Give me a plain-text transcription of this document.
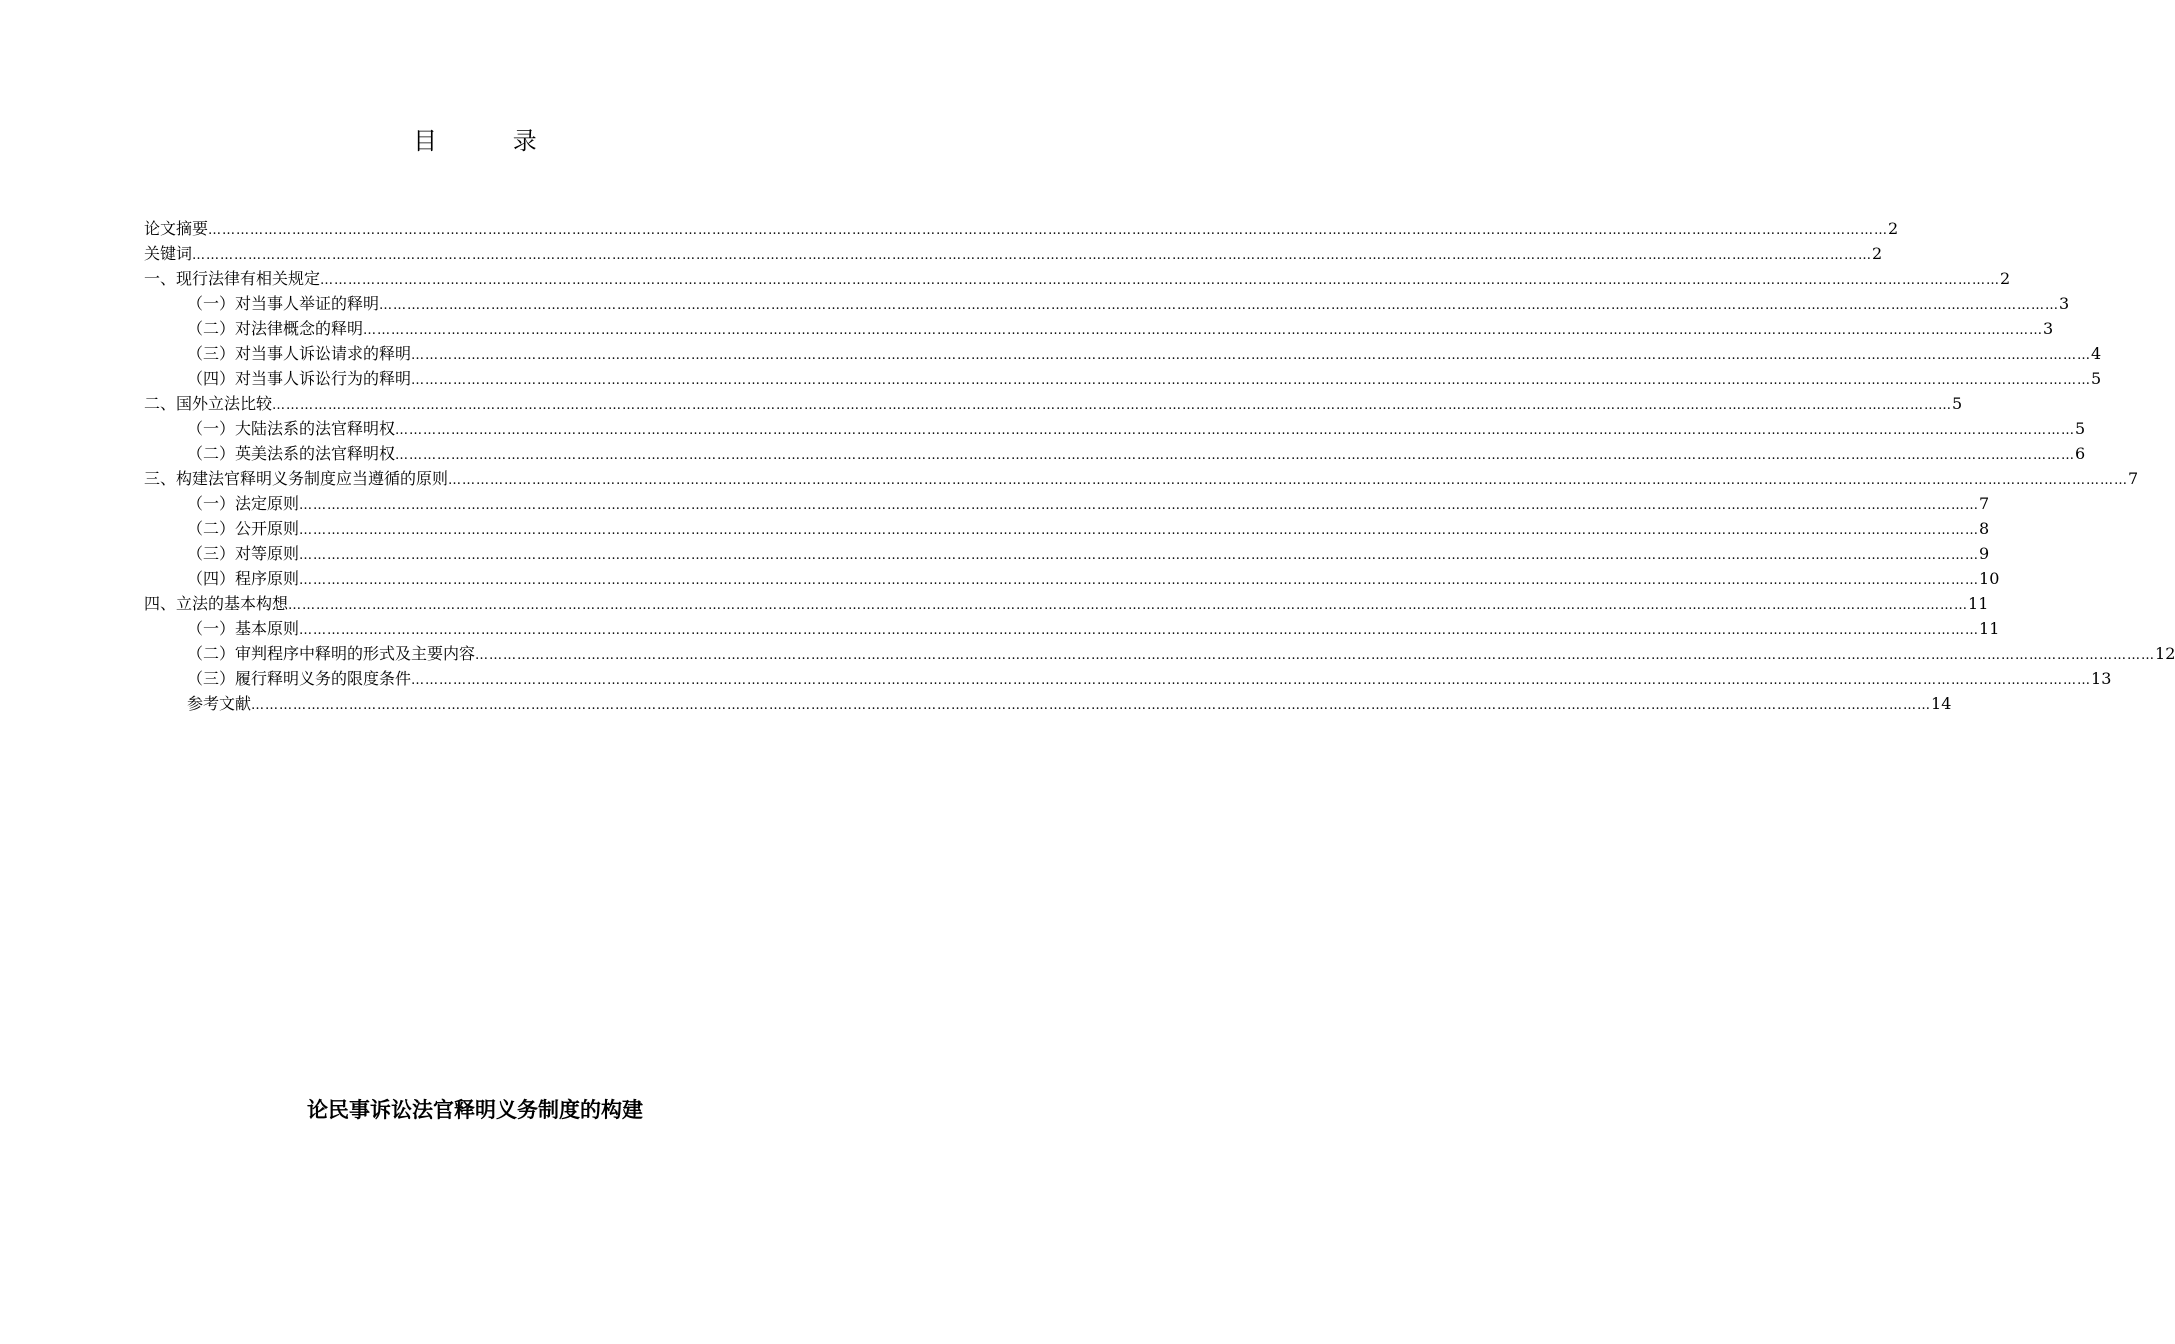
目 录
论文摘要 ……………………………………………………………………………………………………………………………………………………………………………………………………………………………………………………………………………………………………………………………… 2
关键词 ……………………………………………………………………………………………………………………………………………………………………………………………………………………………………………………………………………………………………………………………… 2
一、 现行法律有相关规定 ……………………………………………………………………………………………………………………………………………………………………………………………………………………………………………………………………………………………………………………………… 2
（一）对当事人举证的释明 ……………………………………………………………………………………………………………………………………………………………………………………………………………………………………………………………………………………………………………………………… 3
（二）对法律概念的释明 ……………………………………………………………………………………………………………………………………………………………………………………………………………………………………………………………………………………………………………………………… 3
（三）对当事人诉讼请求的释明 ……………………………………………………………………………………………………………………………………………………………………………………………………………………………………………………………………………………………………………………………… 4
（四）对当事人诉讼行为的释明 ……………………………………………………………………………………………………………………………………………………………………………………………………………………………………………………………………………………………………………………………… 5
二、 国外立法比较 ……………………………………………………………………………………………………………………………………………………………………………………………………………………………………………………………………………………………………………………………… 5
（一）大陆法系的法官释明权 ……………………………………………………………………………………………………………………………………………………………………………………………………………………………………………………………………………………………………………………………… 5
（二）英美法系的法官释明权 ……………………………………………………………………………………………………………………………………………………………………………………………………………………………………………………………………………………………………………………………… 6
三、 构建法官释明义务制度应当遵循的原则 ……………………………………………………………………………………………………………………………………………………………………………………………………………………………………………………………………………………………………………………………… 7
（一）法定原则 ……………………………………………………………………………………………………………………………………………………………………………………………………………………………………………………………………………………………………………………………… 7
（二）公开原则 ……………………………………………………………………………………………………………………………………………………………………………………………………………………………………………………………………………………………………………………………… 8
（三）对等原则 ……………………………………………………………………………………………………………………………………………………………………………………………………………………………………………………………………………………………………………………………… 9
（四）程序原则 ……………………………………………………………………………………………………………………………………………………………………………………………………………………………………………………………………………………………………………………………… 10
四、 立法的基本构想 ……………………………………………………………………………………………………………………………………………………………………………………………………………………………………………………………………………………………………………………………… 11
（一）基本原则 ……………………………………………………………………………………………………………………………………………………………………………………………………………………………………………………………………………………………………………………………… 11
（二）审判程序中释明的形式及主要内容 ……………………………………………………………………………………………………………………………………………………………………………………………………………………………………………………………………………………………………………………………… 12
（三）履行释明义务的限度条件 ……………………………………………………………………………………………………………………………………………………………………………………………………………………………………………………………………………………………………………………………… 13
参考文献 ……………………………………………………………………………………………………………………………………………………………………………………………………………………………………………………………………………………………………………………………… 14
论民事诉讼法官释明义务制度的构建
